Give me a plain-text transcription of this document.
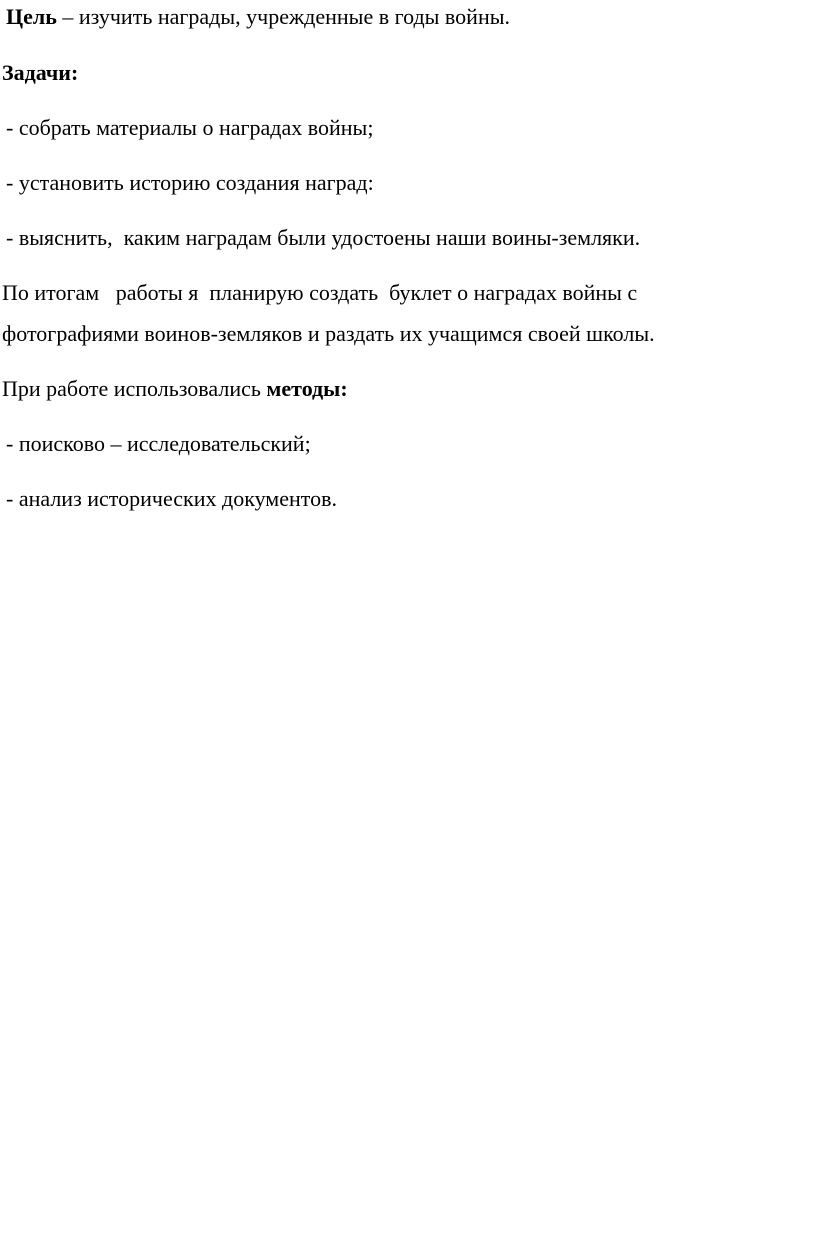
Цель – изучить награды, учрежденные в годы войны.
Задачи:
- собрать материалы о наградах войны;
- установить историю создания наград:
- выяснить,  каким наградам были удостоены наши воины-земляки.
По итогам   работы я  планирую создать  буклет о наградах войны с
фотографиями воинов-земляков и раздать их учащимся своей школы.
При работе использовались методы:
- поисково – исследовательский;
- анализ исторических документов.
